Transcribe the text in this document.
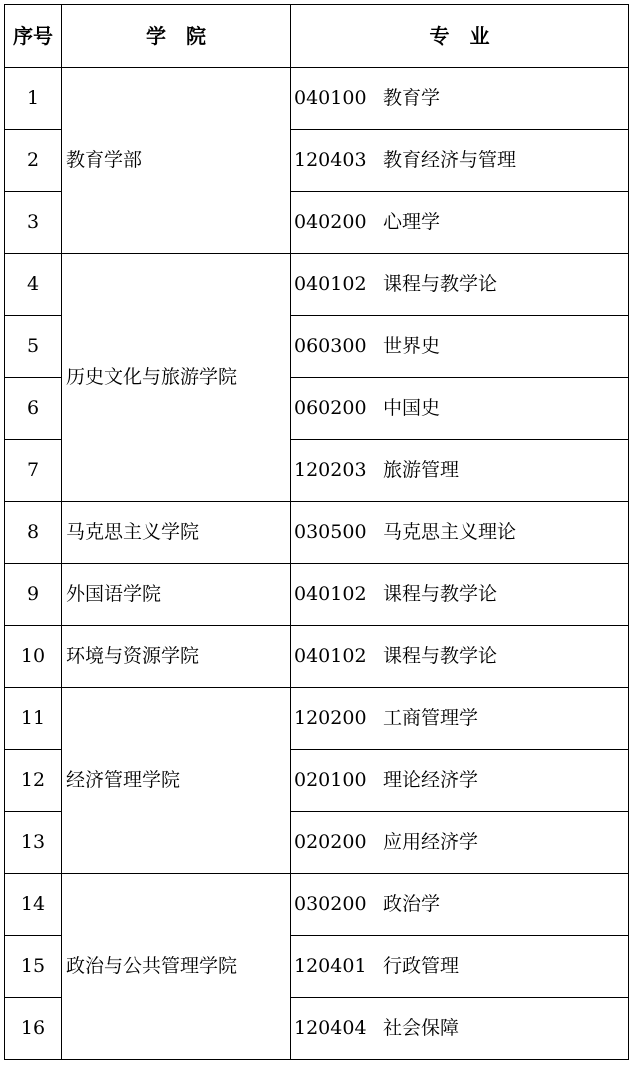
序号	学　院	专　业
1	教育学部	040100 教育学
2		120403 教育经济与管理
3		040200 心理学
4	历史文化与旅游学院	040102 课程与教学论
5		060300 世界史
6		060200 中国史
7		120203 旅游管理
8	马克思主义学院	030500 马克思主义理论
9	外国语学院	040102 课程与教学论
10	环境与资源学院	040102 课程与教学论
11	经济管理学院	120200 工商管理学
12		020100 理论经济学
13		020200 应用经济学
14	政治与公共管理学院	030200 政治学
15		120401 行政管理
16		120404 社会保障
